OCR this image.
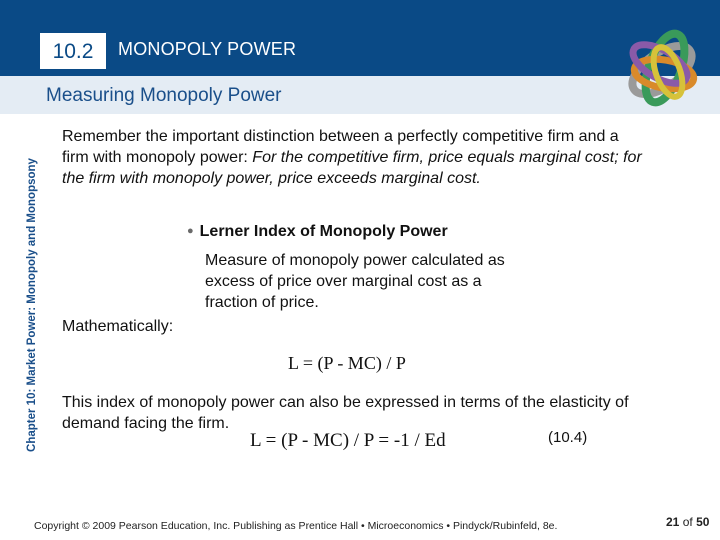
10.2	MONOPOLY POWER
Measuring Monopoly Power
Chapter 10: Market Power: Monopoly and Monopsony
Remember the important distinction between a perfectly competitive firm and a firm with monopoly power: For the competitive firm, price equals marginal cost; for the firm with monopoly power, price exceeds marginal cost.
● Lerner Index of Monopoly Power
Measure of monopoly power calculated as excess of price over marginal cost as a fraction of price.
Mathematically:
L = (P - MC) / P
This index of monopoly power can also be expressed in terms of the elasticity of demand facing the firm.
L = (P - MC) / P = -1 / Ed	(10.4)
Copyright © 2009 Pearson Education, Inc. Publishing as Prentice Hall • Microeconomics • Pindyck/Rubinfeld, 8e.	21 of 50
